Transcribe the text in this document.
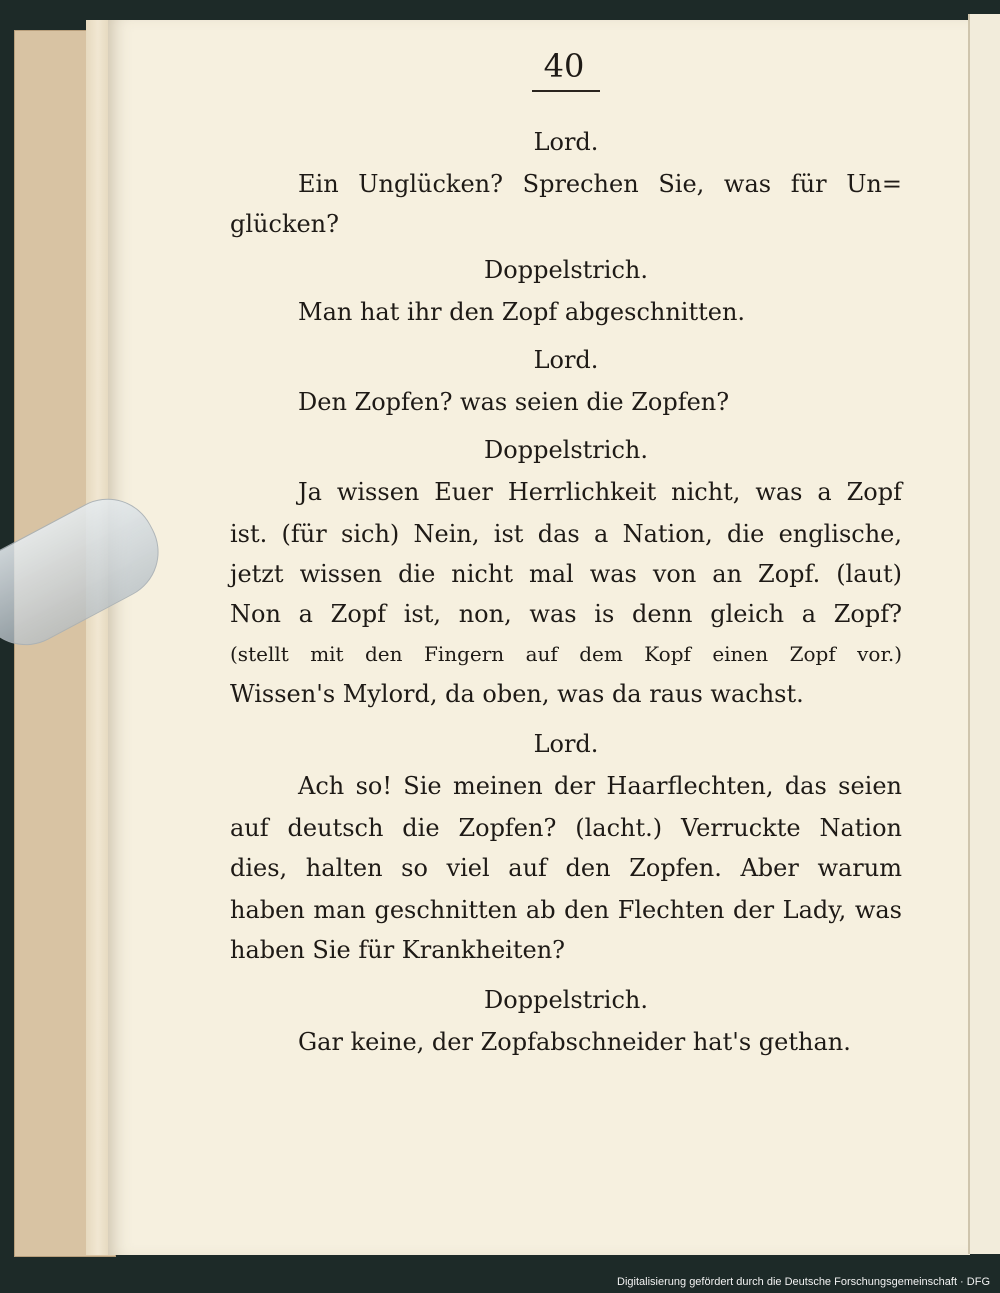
40
Lord.
Ein Unglücken? Sprechen Sie, was für Un=
glücken?
Doppelstrich.
Man hat ihr den Zopf abgeschnitten.
Lord.
Den Zopfen? was seien die Zopfen?
Doppelstrich.
Ja wissen Euer Herrlichkeit nicht, was a Zopf
ist. (für sich) Nein, ist das a Nation, die englische,
jetzt wissen die nicht mal was von an Zopf. (laut)
Non a Zopf ist, non, was is denn gleich a Zopf?
(stellt mit den Fingern auf dem Kopf einen Zopf vor.)
Wissen's Mylord, da oben, was da raus wachst.
Lord.
Ach so! Sie meinen der Haarflechten, das seien
auf deutsch die Zopfen? (lacht.) Verruckte Nation
dies, halten so viel auf den Zopfen. Aber warum
haben man geschnitten ab den Flechten der Lady, was
haben Sie für Krankheiten?
Doppelstrich.
Gar keine, der Zopfabschneider hat's gethan.
Digitalisierung gefördert durch die Deutsche Forschungsgemeinschaft · DFG
